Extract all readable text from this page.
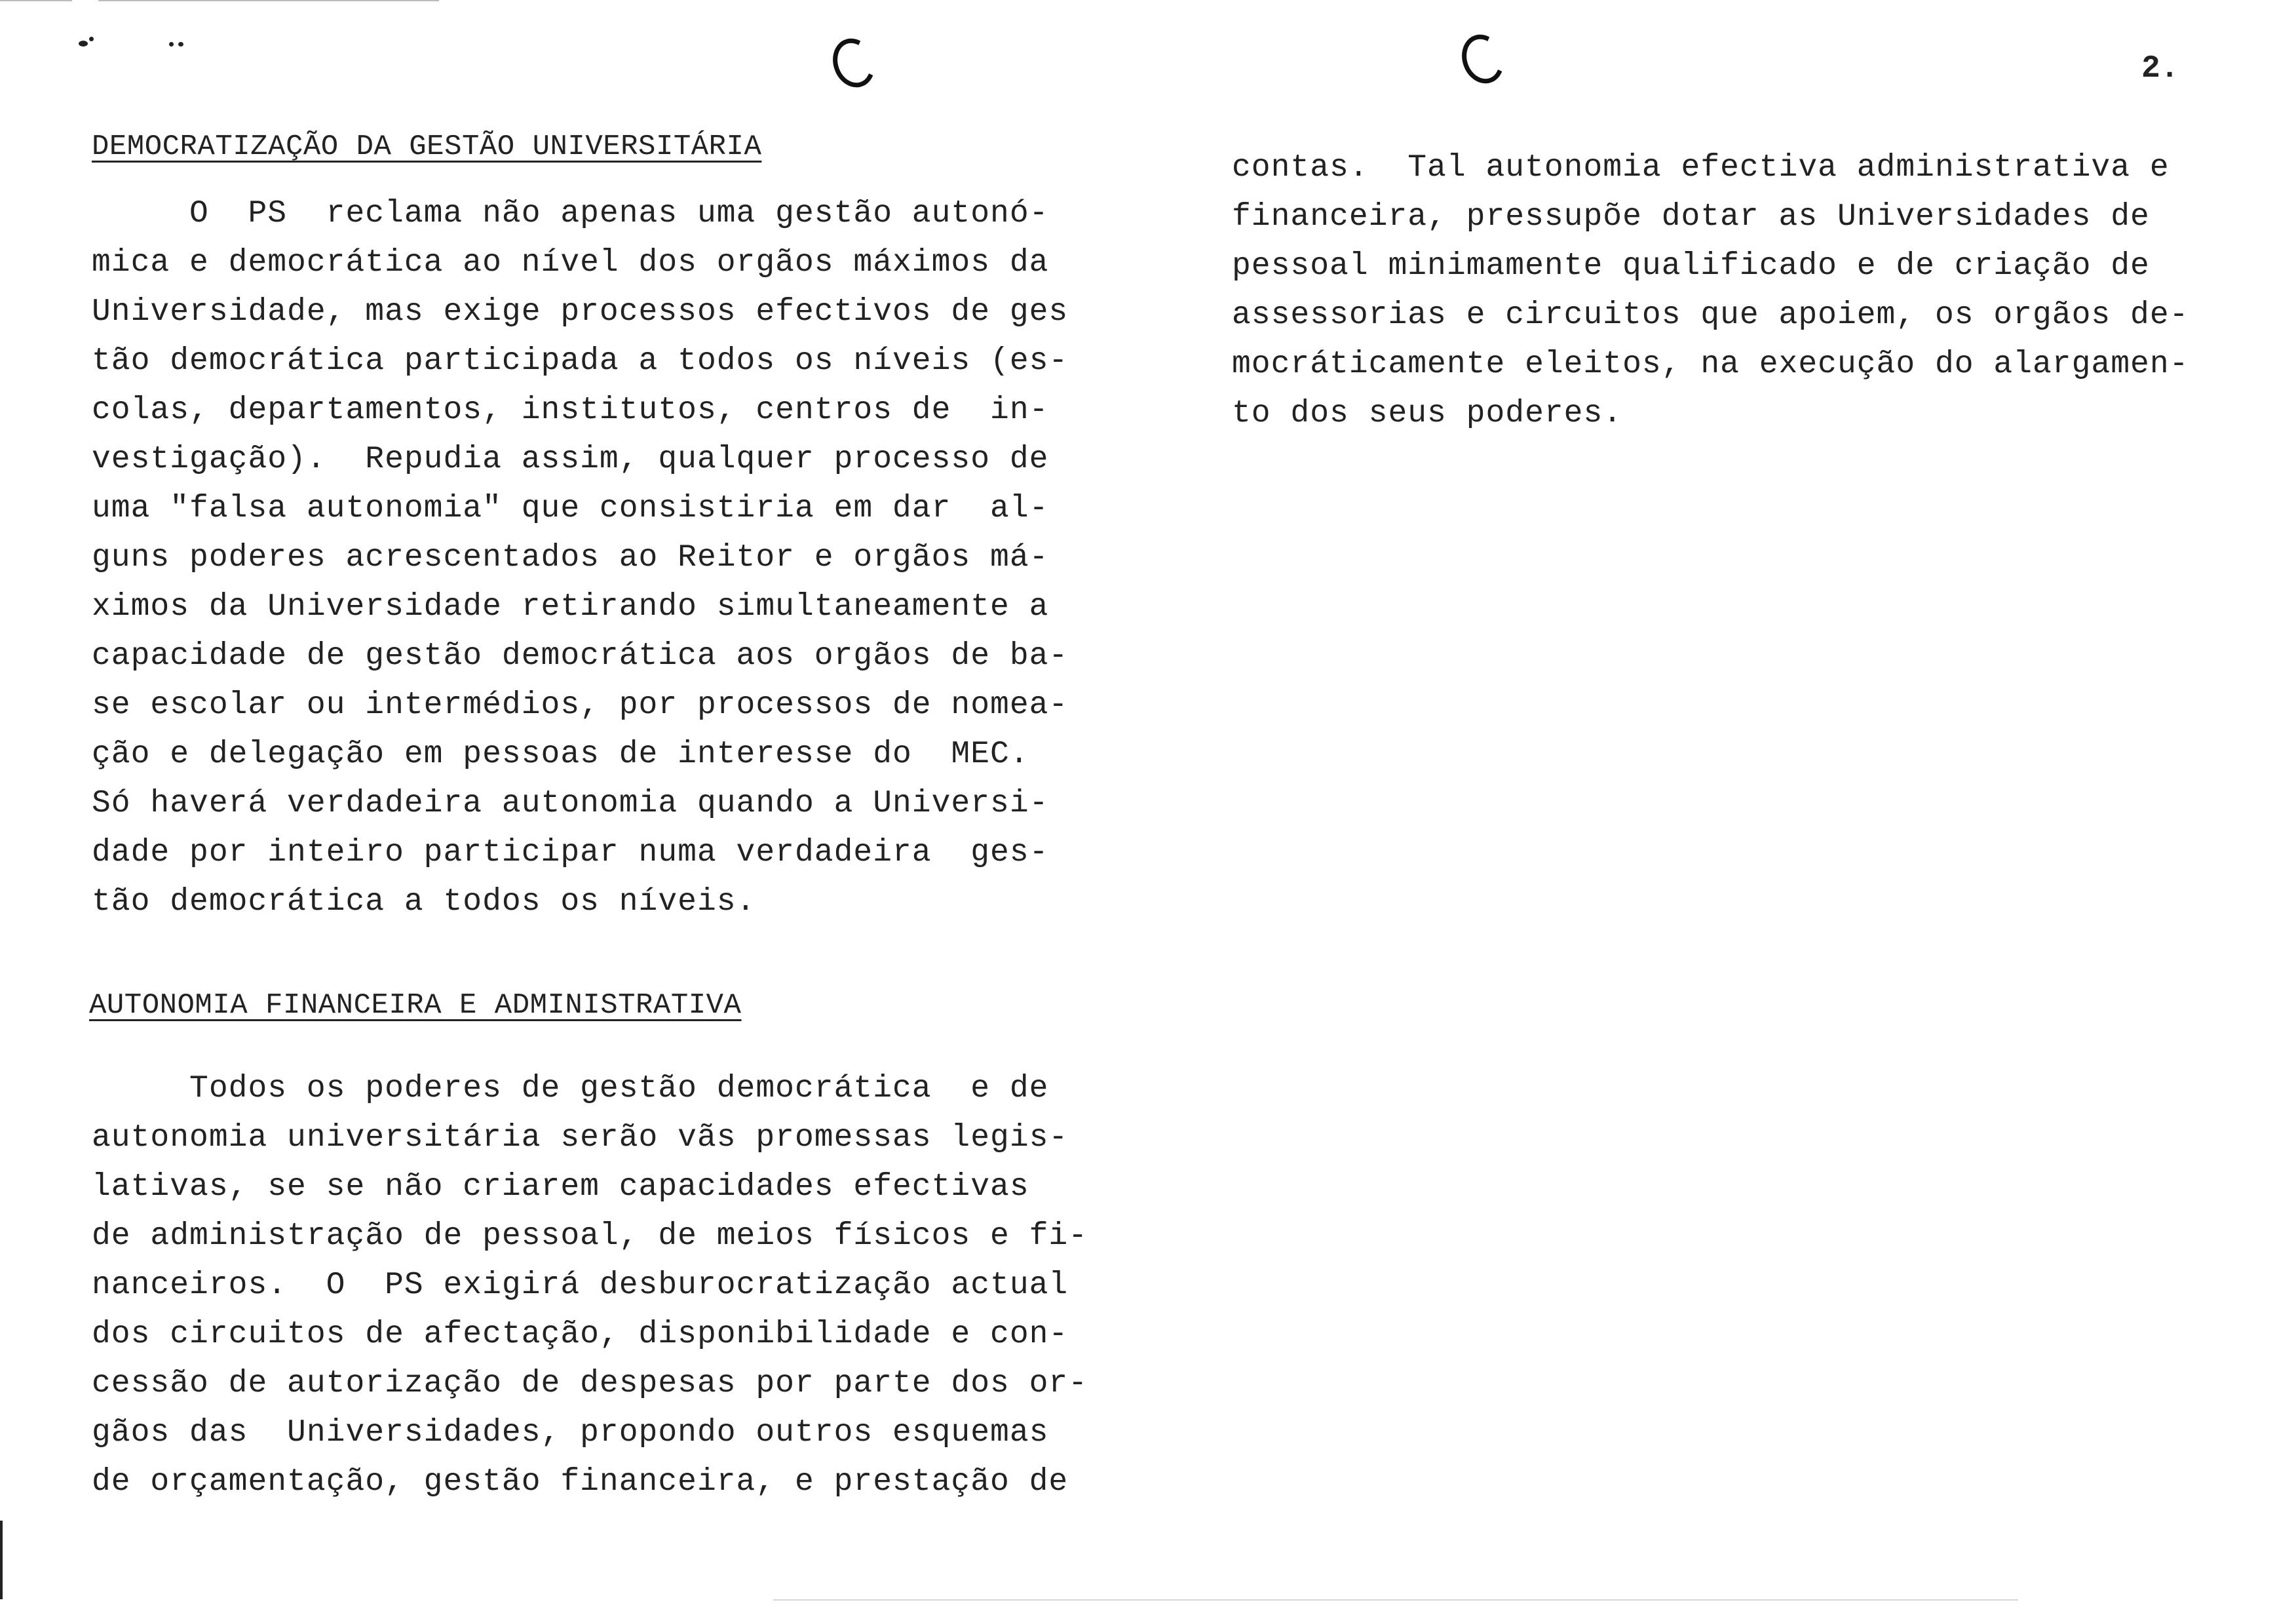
2.
DEMOCRATIZAÇÃO DA GESTÃO UNIVERSITÁRIA
O  PS  reclama não apenas uma gestão autonó-
mica e democrática ao nível dos orgãos máximos da
Universidade, mas exige processos efectivos de ges
tão democrática participada a todos os níveis (es-
colas, departamentos, institutos, centros de  in-
vestigação).  Repudia assim, qualquer processo de
uma "falsa autonomia" que consistiria em dar  al-
guns poderes acrescentados ao Reitor e orgãos má-
ximos da Universidade retirando simultaneamente a
capacidade de gestão democrática aos orgãos de ba-
se escolar ou intermédios, por processos de nomea-
ção e delegação em pessoas de interesse do  MEC.
Só haverá verdadeira autonomia quando a Universi-
dade por inteiro participar numa verdadeira  ges-
tão democrática a todos os níveis.
AUTONOMIA FINANCEIRA E ADMINISTRATIVA
Todos os poderes de gestão democrática  e de
autonomia universitária serão vãs promessas legis-
lativas, se se não criarem capacidades efectivas
de administração de pessoal, de meios físicos e fi-
nanceiros.  O  PS exigirá desburocratização actual
dos circuitos de afectação, disponibilidade e con-
cessão de autorização de despesas por parte dos or-
gãos das  Universidades, propondo outros esquemas
de orçamentação, gestão financeira, e prestação de
contas.  Tal autonomia efectiva administrativa e
financeira, pressupõe dotar as Universidades de
pessoal minimamente qualificado e de criação de
assessorias e circuitos que apoiem, os orgãos de-
mocráticamente eleitos, na execução do alargamen-
to dos seus poderes.
